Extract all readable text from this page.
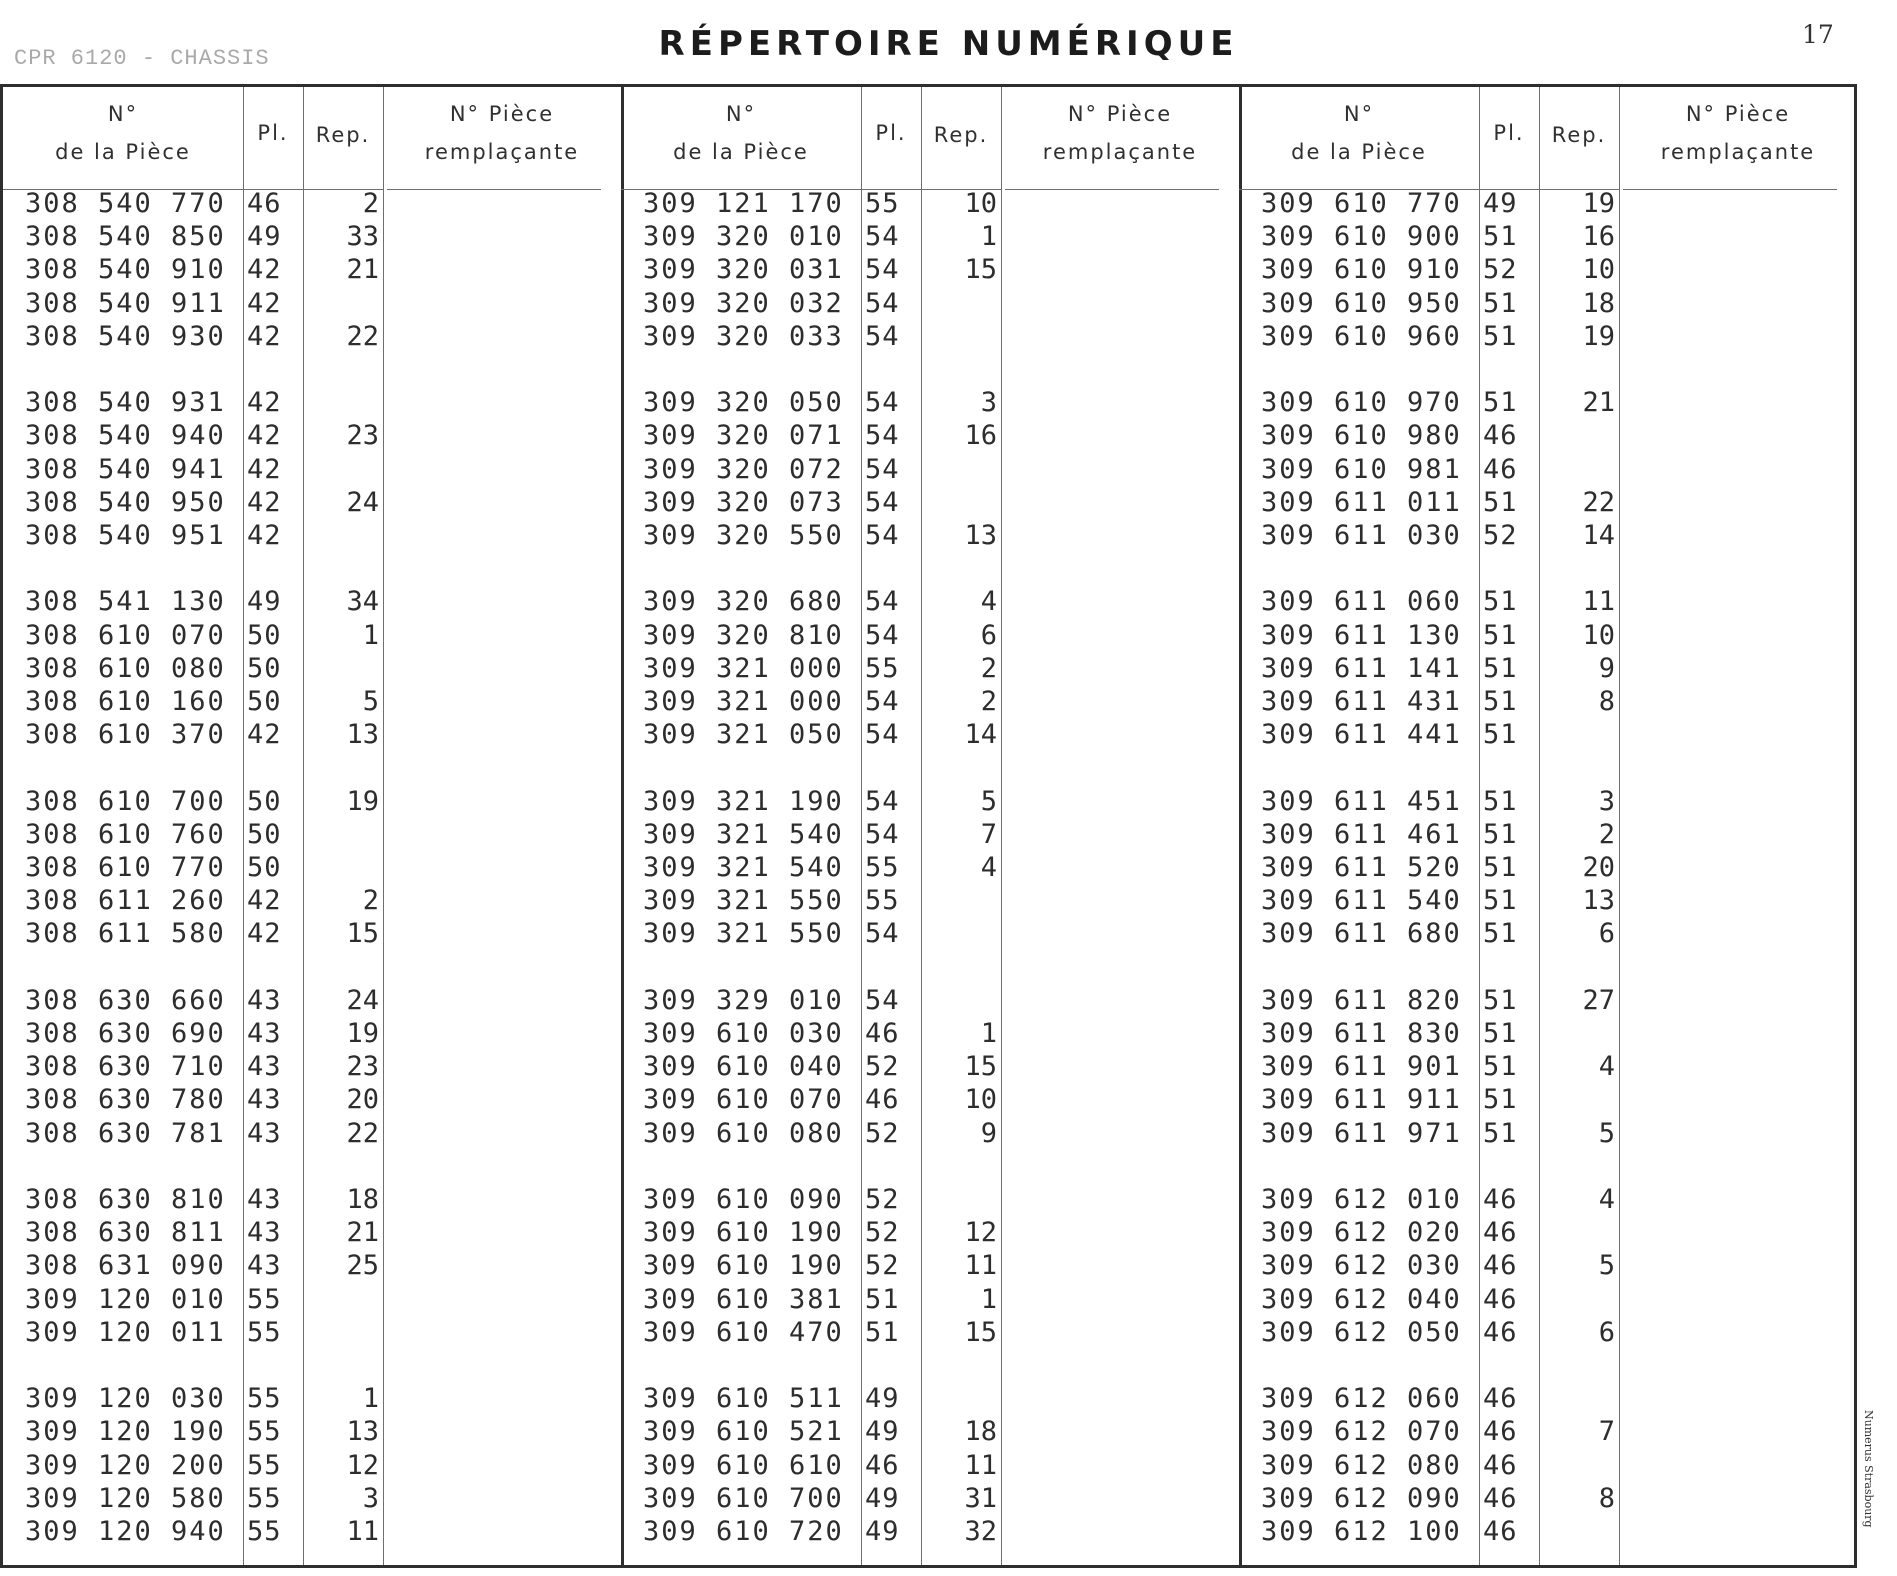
CPR 6120 - CHASSIS	RÉPERTOIRE NUMÉRIQUE	17
Numerus Strasbourg
N°
de la Pièce
Pl.	Rep.
N° Pièce
remplaçante
308 540 770 46	2
308 540 850 49	33
308 540 910 42	21
308 540 911 42
308 540 930 42	22
308 540 931 42
308 540 940 42	23
308 540 941 42
308 540 950 42	24
308 540 951 42
308 541 130 49	34
308 610 070 50	1
308 610 080 50
308 610 160 50	5
308 610 370 42	13
308 610 700 50	19
308 610 760 50
308 610 770 50
308 611 260 42	2
308 611 580 42	15
308 630 660 43	24
308 630 690 43	19
308 630 710 43	23
308 630 780 43	20
308 630 781 43	22
308 630 810 43	18
308 630 811 43	21
308 631 090 43	25
309 120 010 55
309 120 011 55
309 120 030 55	1
309 120 190 55	13
309 120 200 55	12
309 120 580 55	3
309 120 940 55	11
N°
de la Pièce
Pl.	Rep.
N° Pièce
remplaçante
309 121 170 55	10
309 320 010 54	1
309 320 031 54	15
309 320 032 54
309 320 033 54
309 320 050 54	3
309 320 071 54	16
309 320 072 54
309 320 073 54
309 320 550 54	13
309 320 680 54	4
309 320 810 54	6
309 321 000 55	2
309 321 000 54	2
309 321 050 54	14
309 321 190 54	5
309 321 540 54	7
309 321 540 55	4
309 321 550 55
309 321 550 54
309 329 010 54
309 610 030 46	1
309 610 040 52	15
309 610 070 46	10
309 610 080 52	9
309 610 090 52
309 610 190 52	12
309 610 190 52	11
309 610 381 51	1
309 610 470 51	15
309 610 511 49
309 610 521 49	18
309 610 610 46	11
309 610 700 49	31
309 610 720 49	32
N°
de la Pièce
Pl.	Rep.
N° Pièce
remplaçante
309 610 770 49	19
309 610 900 51	16
309 610 910 52	10
309 610 950 51	18
309 610 960 51	19
309 610 970 51	21
309 610 980 46
309 610 981 46
309 611 011 51	22
309 611 030 52	14
309 611 060 51	11
309 611 130 51	10
309 611 141 51	9
309 611 431 51	8
309 611 441 51
309 611 451 51	3
309 611 461 51	2
309 611 520 51	20
309 611 540 51	13
309 611 680 51	6
309 611 820 51	27
309 611 830 51
309 611 901 51	4
309 611 911 51
309 611 971 51	5
309 612 010 46	4
309 612 020 46
309 612 030 46	5
309 612 040 46
309 612 050 46	6
309 612 060 46
309 612 070 46	7
309 612 080 46
309 612 090 46	8
309 612 100 46
